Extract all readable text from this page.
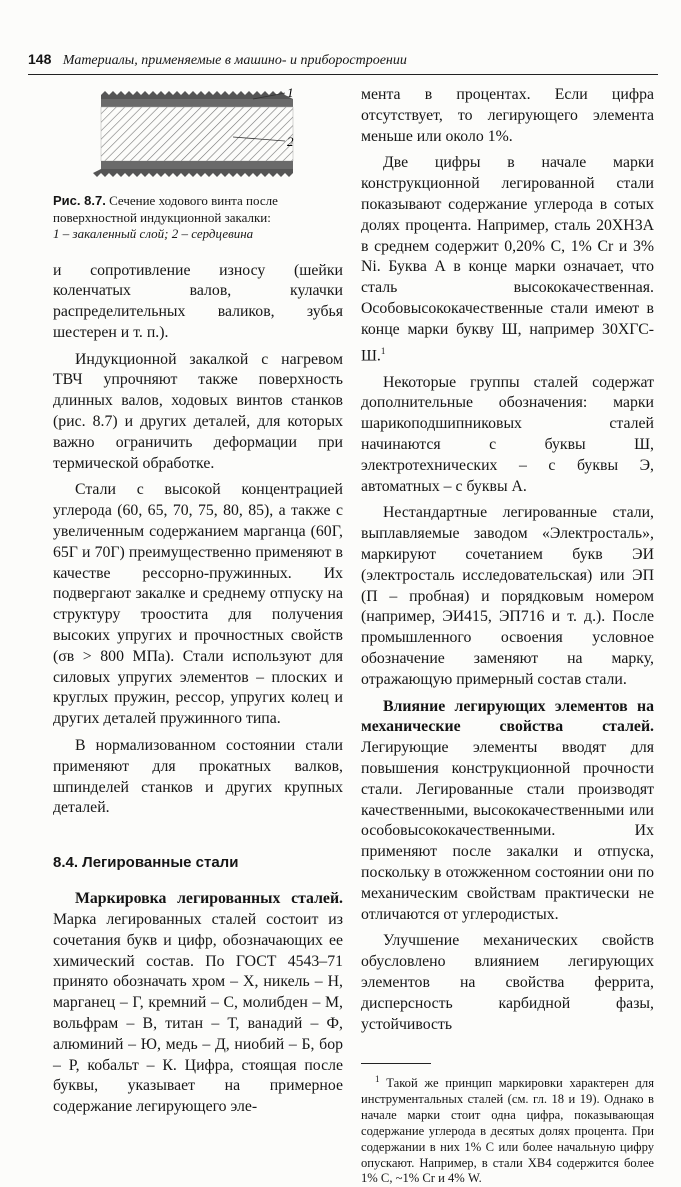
148 Материалы, применяемые в машино- и приборостроении
1
2
Рис. 8.7. Сечение ходового винта после поверхностной индукционной закалки:
1 – закаленный слой; 2 – сердцевина

и сопротивление износу (шейки коленчатых валов, кулачки распределительных валиков, зубья шестерен и т. п.).

Индукционной закалкой с нагревом ТВЧ упрочняют также поверхность длинных валов, ходовых винтов станков (рис. 8.7) и других деталей, для которых важно ограничить деформации при термической обработке.

Стали с высокой концентрацией углерода (60, 65, 70, 75, 80, 85), а также с увеличенным содержанием марганца (60Г, 65Г и 70Г) преимущественно применяют в качестве рессорно-пружинных. Их подвергают закалке и среднему отпуску на структуру троостита для получения высоких упругих и прочностных свойств (σв > 800 МПа). Стали используют для силовых упругих элементов – плоских и круглых пружин, рессор, упругих колец и других деталей пружинного типа.

В нормализованном состоянии стали применяют для прокатных валков, шпинделей станков и других крупных деталей.

8.4. Легированные стали

Маркировка легированных сталей. Марка легированных сталей состоит из сочетания букв и цифр, обозначающих ее химический состав. По ГОСТ 4543–71 принято обозначать хром – Х, никель – Н, марганец – Г, кремний – С, молибден – М, вольфрам – В, титан – Т, ванадий – Ф, алюминий – Ю, медь – Д, ниобий – Б, бор – Р, кобальт – К. Цифра, стоящая после буквы, указывает на примерное содержание легирующего эле-

мента в процентах. Если цифра отсутствует, то легирующего элемента меньше или около 1%.

Две цифры в начале марки конструкционной легированной стали показывают содержание углерода в сотых долях процента. Например, сталь 20ХН3А в среднем содержит 0,20% С, 1% Cr и 3% Ni. Буква А в конце марки означает, что сталь высококачественная. Особовысококачественные стали имеют в конце марки букву Ш, например 30ХГС-Ш.$^1$

Некоторые группы сталей содержат дополнительные обозначения: марки шарикоподшипниковых сталей начинаются с буквы Ш, электротехнических – с буквы Э, автоматных – с буквы А.

Нестандартные легированные стали, выплавляемые заводом «Электросталь», маркируют сочетанием букв ЭИ (электросталь исследовательская) или ЭП (П – пробная) и порядковым номером (например, ЭИ415, ЭП716 и т. д.). После промышленного освоения условное обозначение заменяют на марку, отражающую примерный состав стали.

Влияние легирующих элементов на механические свойства сталей. Легирующие элементы вводят для повышения конструкционной прочности стали. Легированные стали производят качественными, высококачественными или особовысококачественными. Их применяют после закалки и отпуска, поскольку в отожженном состоянии они по механическим свойствам практически не отличаются от углеродистых.

Улучшение механических свойств обусловлено влиянием легирующих элементов на свойства феррита, дисперсность карбидной фазы, устойчивость

$^1$ Такой же принцип маркировки характерен для инструментальных сталей (см. гл. 18 и 19). Однако в начале марки стоит одна цифра, показывающая содержание углерода в десятых долях процента. При содержании в них 1% С или более начальную цифру опускают. Например, в стали ХВ4 содержится более 1% С, ~1% Cr и 4% W.
